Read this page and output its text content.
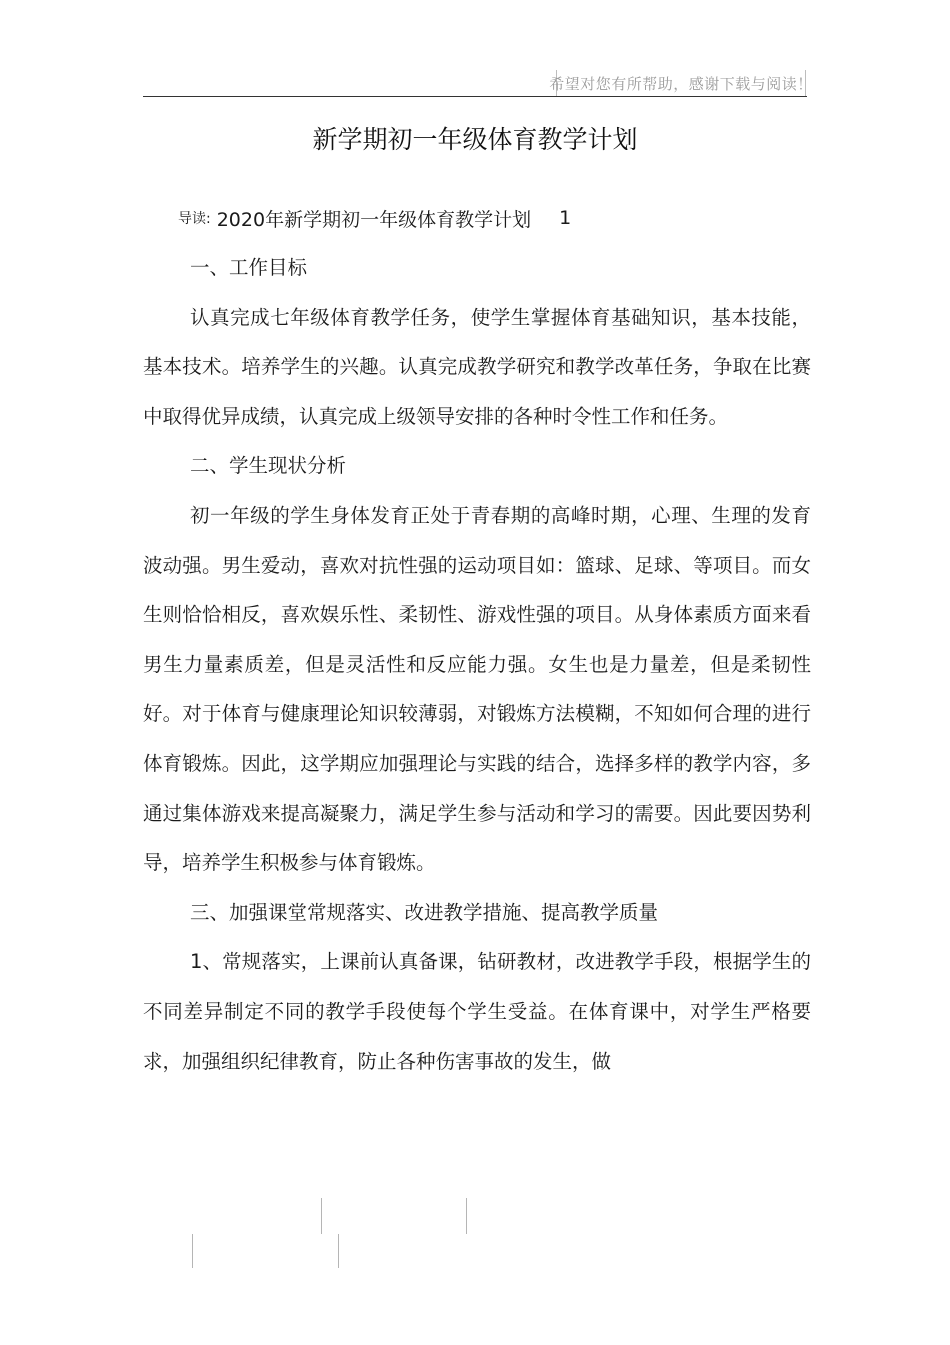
希望对您有所帮助，感谢下载与阅读！
新学期初一年级体育教学计划
导读: 2020年新学期初一年级体育教学计划 1

一、工作目标

认真完成七年级体育教学任务，使学生掌握体育基础知识，基本技能，基本技术。培养学生的兴趣。认真完成教学研究和教学改革任务，争取在比赛中取得优异成绩，认真完成上级领导安排的各种时令性工作和任务。

二、学生现状分析

初一年级的学生身体发育正处于青春期的高峰时期，心理、生理的发育波动强。男生爱动，喜欢对抗性强的运动项目如：篮球、足球、等项目。而女生则恰恰相反，喜欢娱乐性、柔韧性、游戏性强的项目。从身体素质方面来看男生力量素质差，但是灵活性和反应能力强。女生也是力量差，但是柔韧性好。对于体育与健康理论知识较薄弱，对锻炼方法模糊，不知如何合理的进行体育锻炼。因此，这学期应加强理论与实践的结合，选择多样的教学内容，多通过集体游戏来提高凝聚力，满足学生参与活动和学习的需要。因此要因势利导，培养学生积极参与体育锻炼。

三、加强课堂常规落实、改进教学措施、提高教学质量

1、常规落实，上课前认真备课，钻研教材，改进教学手段，根据学生的不同差异制定不同的教学手段使每个学生受益。在体育课中，对学生严格要求，加强组织纪律教育，防止各种伤害事故的发生，做
